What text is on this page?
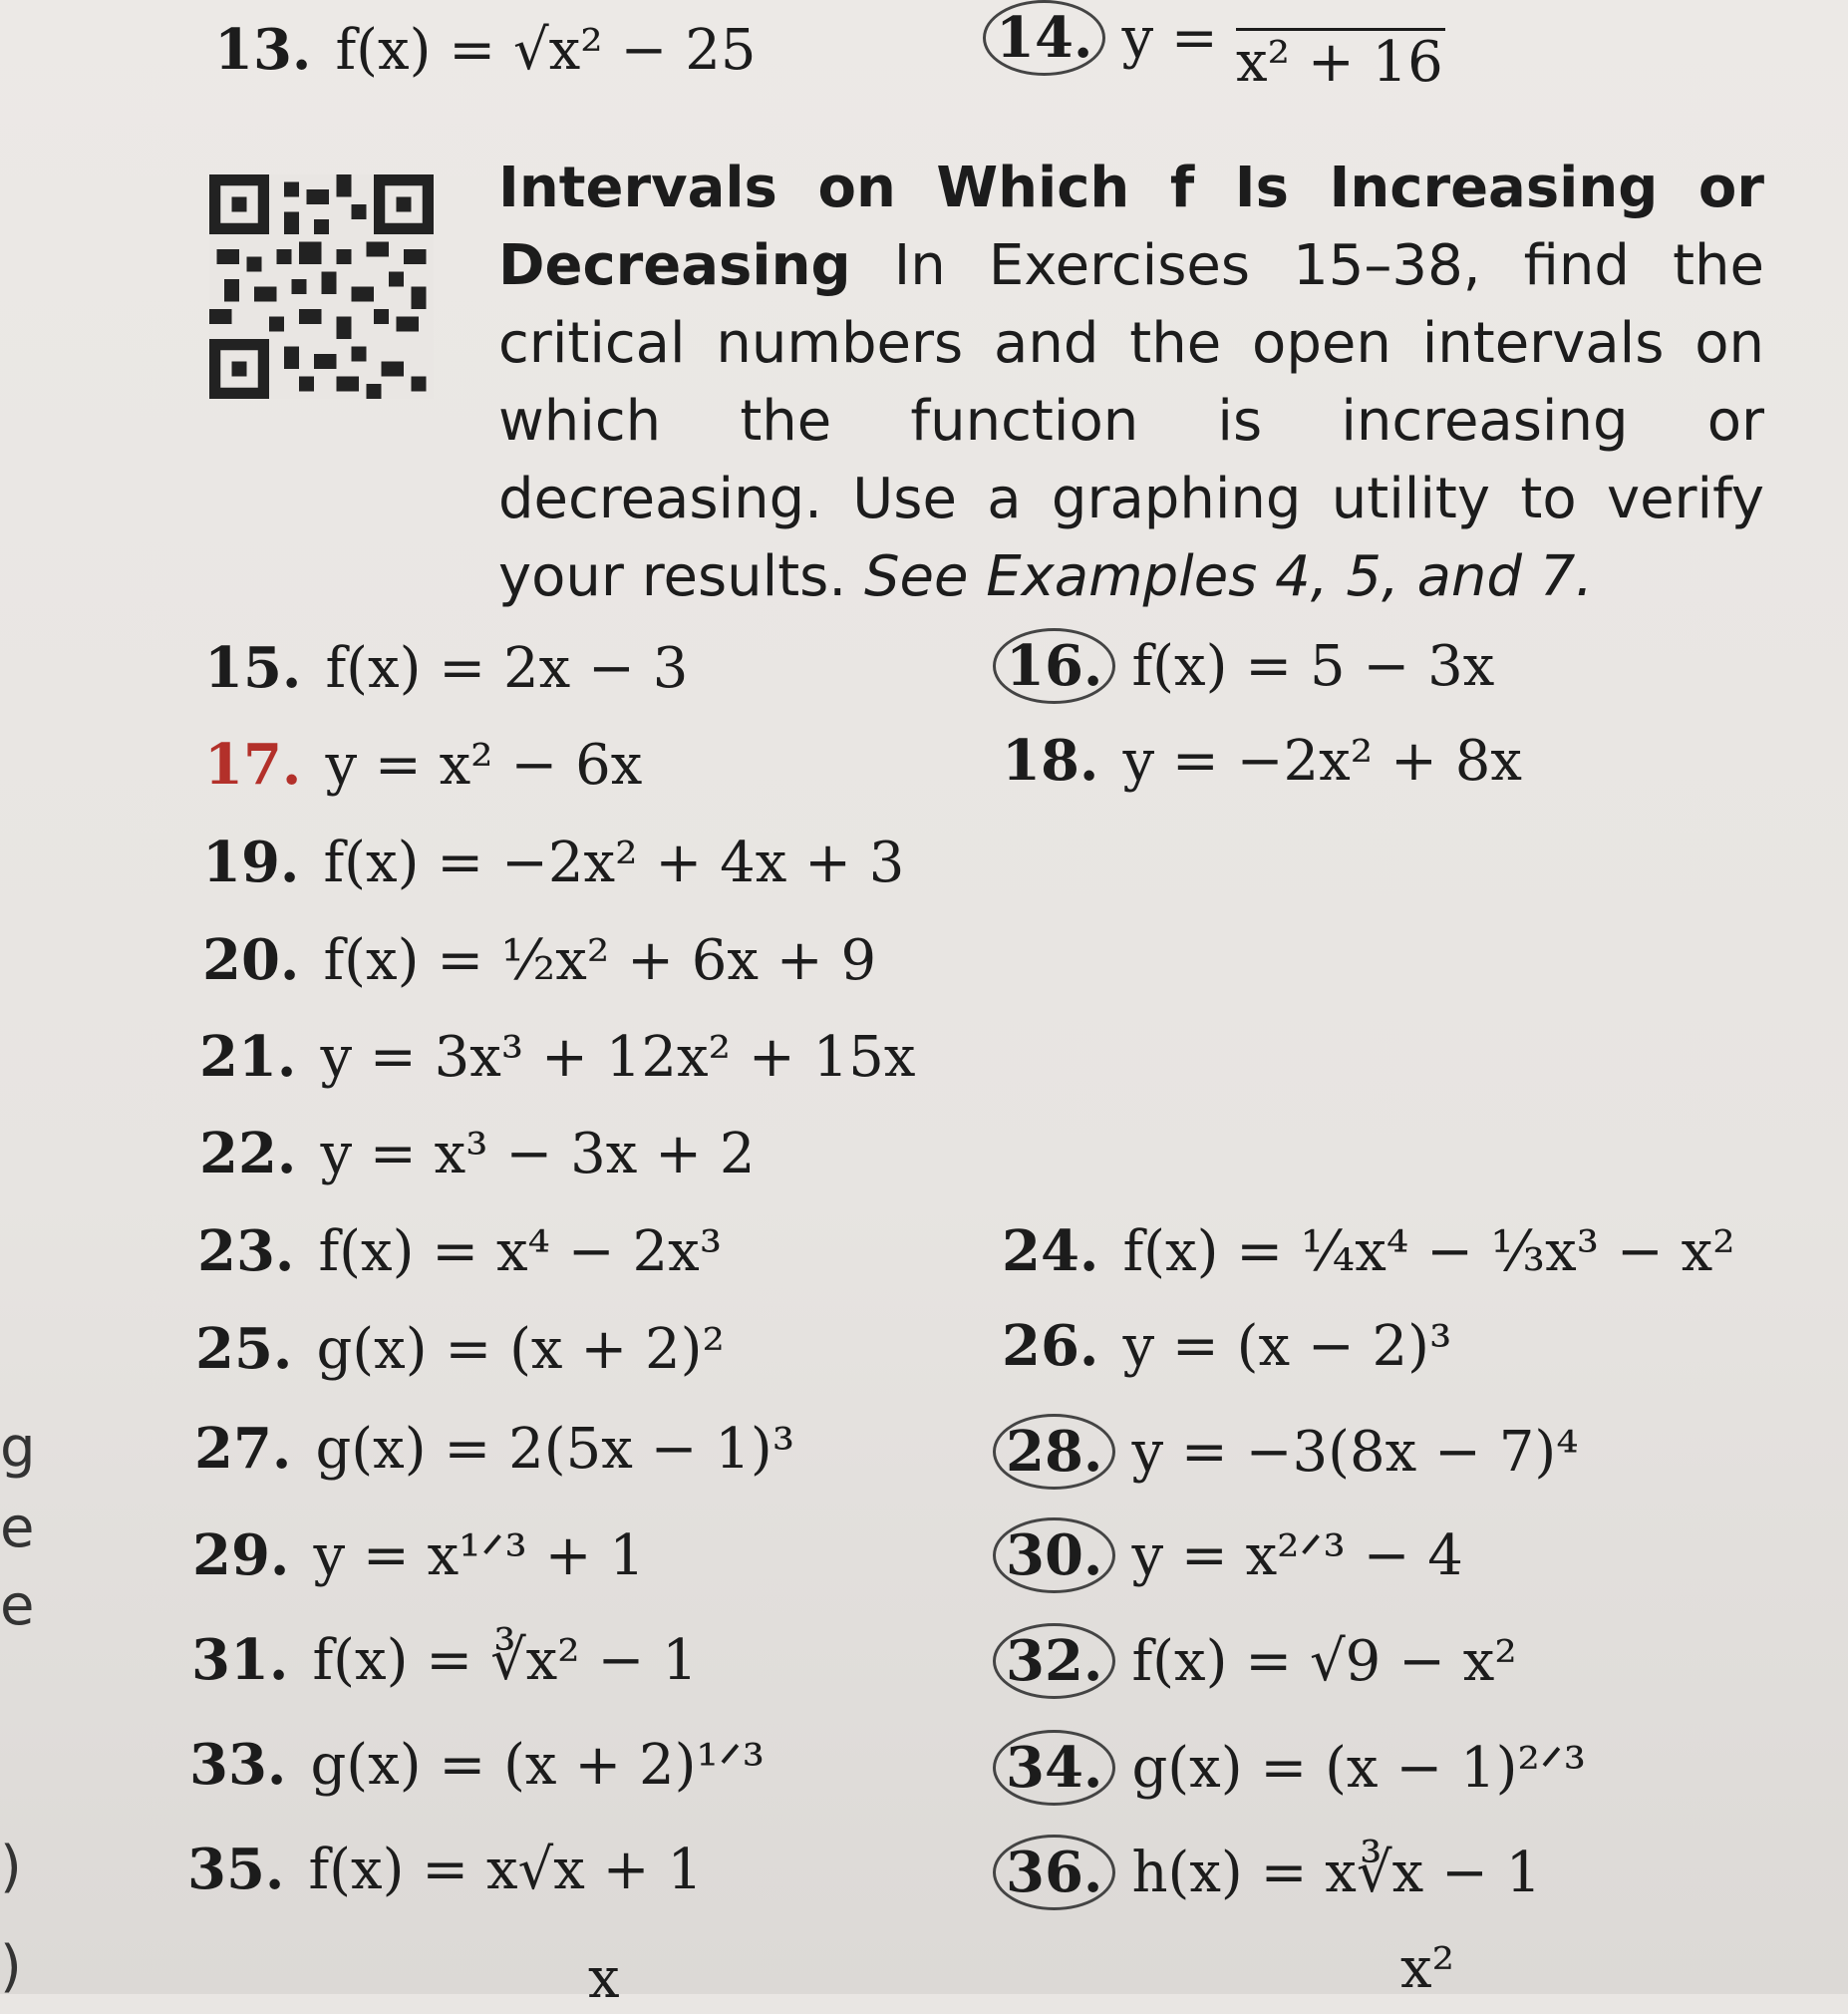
g
e
e
)
)
13. f(x) = √x² − 25	14. y = x² + 16
Intervals on Which f Is Increasing or Decreasing In Exercises 15–38, find the critical numbers and the open intervals on which the function is increasing or decreasing. Use a graphing utility to verify your results. See Examples 4, 5, and 7.
15. f(x) = 2x − 3	16. f(x) = 5 − 3x
17. y = x² − 6x	18. y = −2x² + 8x
19. f(x) = −2x² + 4x + 3
20. f(x) = ½x² + 6x + 9
21. y = 3x³ + 12x² + 15x
22. y = x³ − 3x + 2
23. f(x) = x⁴ − 2x³	24. f(x) = ¼x⁴ − ⅓x³ − x²
25. g(x) = (x + 2)²	26. y = (x − 2)³
27. g(x) = 2(5x − 1)³	28. y = −3(8x − 7)⁴
29. y = x¹ᐟ³ + 1	30. y = x²ᐟ³ − 4
31. f(x) = ∛x² − 1	32. f(x) = √9 − x²
33. g(x) = (x + 2)¹ᐟ³	34. g(x) = (x − 1)²ᐟ³
35. f(x) = x√x + 1	36. h(x) = x∛x − 1
x	x²
